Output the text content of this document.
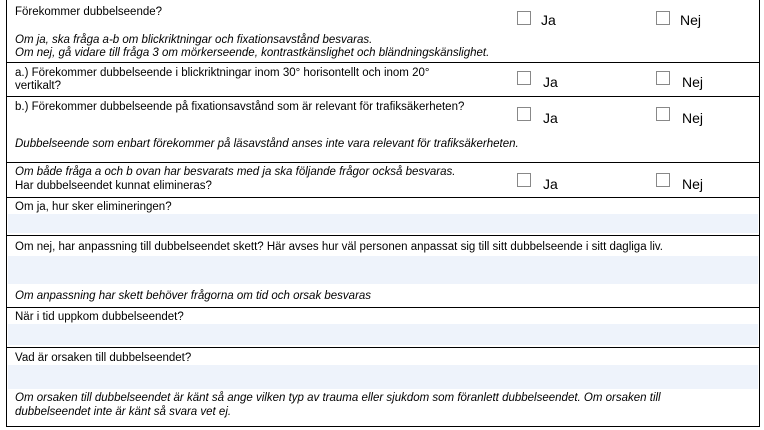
Förekommer dubbelseende?
Om ja, ska fråga a-b om blickriktningar och fixationsavstånd besvaras.
Om nej, gå vidare till fråga 3 om mörkerseende, kontrastkänslighet och bländningskänslighet.
Ja	Nej
a.) Förekommer dubbelseende i blickriktningar inom 30° horisontellt och inom 20°
vertikalt?	Ja	Nej
b.) Förekommer dubbelseende på fixationsavstånd som är relevant för trafiksäkerheten?
Dubbelseende som enbart förekommer på läsavstånd anses inte vara relevant för trafiksäkerheten.
Ja	Nej
Om både fråga a och b ovan har besvarats med ja ska följande frågor också besvaras.
Har dubbelseendet kunnat elimineras?	Ja	Nej
Om ja, hur sker elimineringen?
Om nej, har anpassning till dubbelseendet skett? Här avses hur väl personen anpassat sig till sitt dubbelseende i sitt dagliga liv.
Om anpassning har skett behöver frågorna om tid och orsak besvaras
När i tid uppkom dubbelseendet?
Vad är orsaken till dubbelseendet?
Om orsaken till dubbelseendet är känt så ange vilken typ av trauma eller sjukdom som föranlett dubbelseendet. Om orsaken till
dubbelseendet inte är känt så svara vet ej.
